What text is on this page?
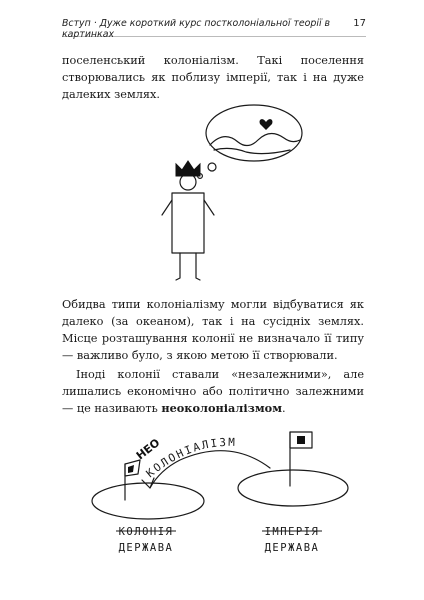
Вступ · Дуже короткий курс постколоніальної теорії в картинках
17

поселенський колоніалізм. Такі поселення створювались як поблизу імперії, так і на дуже далеких землях.

Обидва типи колоніалізму могли відбуватися як далеко (за океаном), так і на сусідніх землях. Місце розташування колонії не визначало її типу — важливо було, з якою метою її створювали.

Іноді колонії ставали «незалежними», але лишались економічно або політично залежними — це називають неоколоніалізмом.

КОЛОНІАЛІЗМ
НЕО
КОЛОНІЯ
ДЕРЖАВА
ІМПЕРІЯ
ДЕРЖАВА
